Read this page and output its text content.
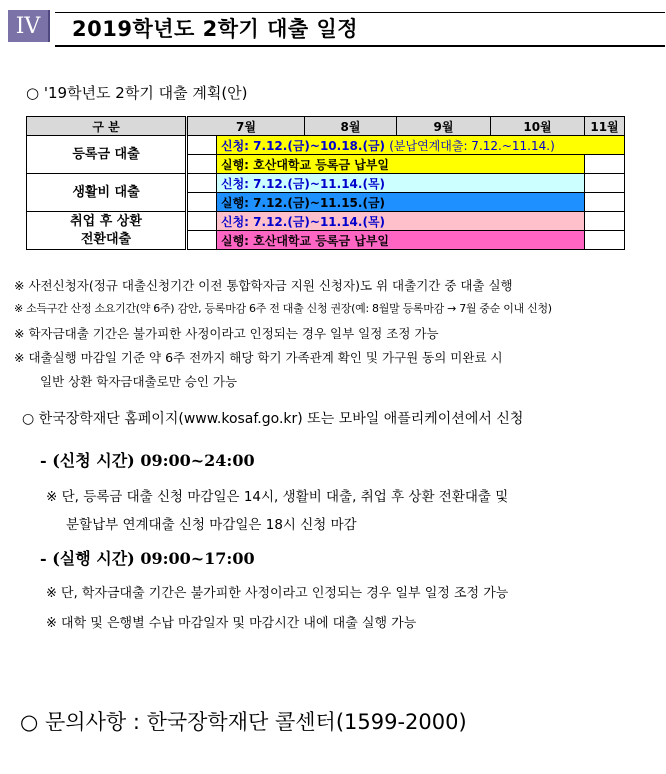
IV	2019학년도 2학기 대출 일정
○ '19학년도 2학기 대출 계획(안)
구 분	7월		8월	9월	10월	11월
등록금 대출		신청: 7.12.(금)~10.18.(금) (분납연계대출: 7.12.~11.14.)				
		실행: 호산대학교 등록금 납부일				
생활비 대출		신청: 7.12.(금)~11.14.(목)				
		실행: 7.12.(금)~11.15.(금)				

취업 후 상환
전환대출		신청: 7.12.(금)~11.14.(목)				
		실행: 호산대학교 등록금 납부일				
※ 사전신청자(정규 대출신청기간 이전 통합학자금 지원 신청자)도 위 대출기간 중 대출 실행
※ 소득구간 산정 소요기간(약 6주) 감안, 등록마감 6주 전 대출 신청 권장(예: 8월말 등록마감 → 7월 중순 이내 신청)
※ 학자금대출 기간은 불가피한 사정이라고 인정되는 경우 일부 일정 조정 가능
※ 대출실행 마감일 기준 약 6주 전까지 해당 학기 가족관계 확인 및 가구원 동의 미완료 시
일반 상환 학자금대출로만 승인 가능
○ 한국장학재단 홈페이지(www.kosaf.go.kr) 또는 모바일 애플리케이션에서 신청
- (신청 시간) 09:00~24:00
※ 단, 등록금 대출 신청 마감일은 14시, 생활비 대출, 취업 후 상환 전환대출 및
분할납부 연계대출 신청 마감일은 18시 신청 마감
- (실행 시간) 09:00~17:00
※ 단, 학자금대출 기간은 불가피한 사정이라고 인정되는 경우 일부 일정 조정 가능
※ 대학 및 은행별 수납 마감일자 및 마감시간 내에 대출 실행 가능
○ 문의사항 : 한국장학재단 콜센터(1599-2000)
